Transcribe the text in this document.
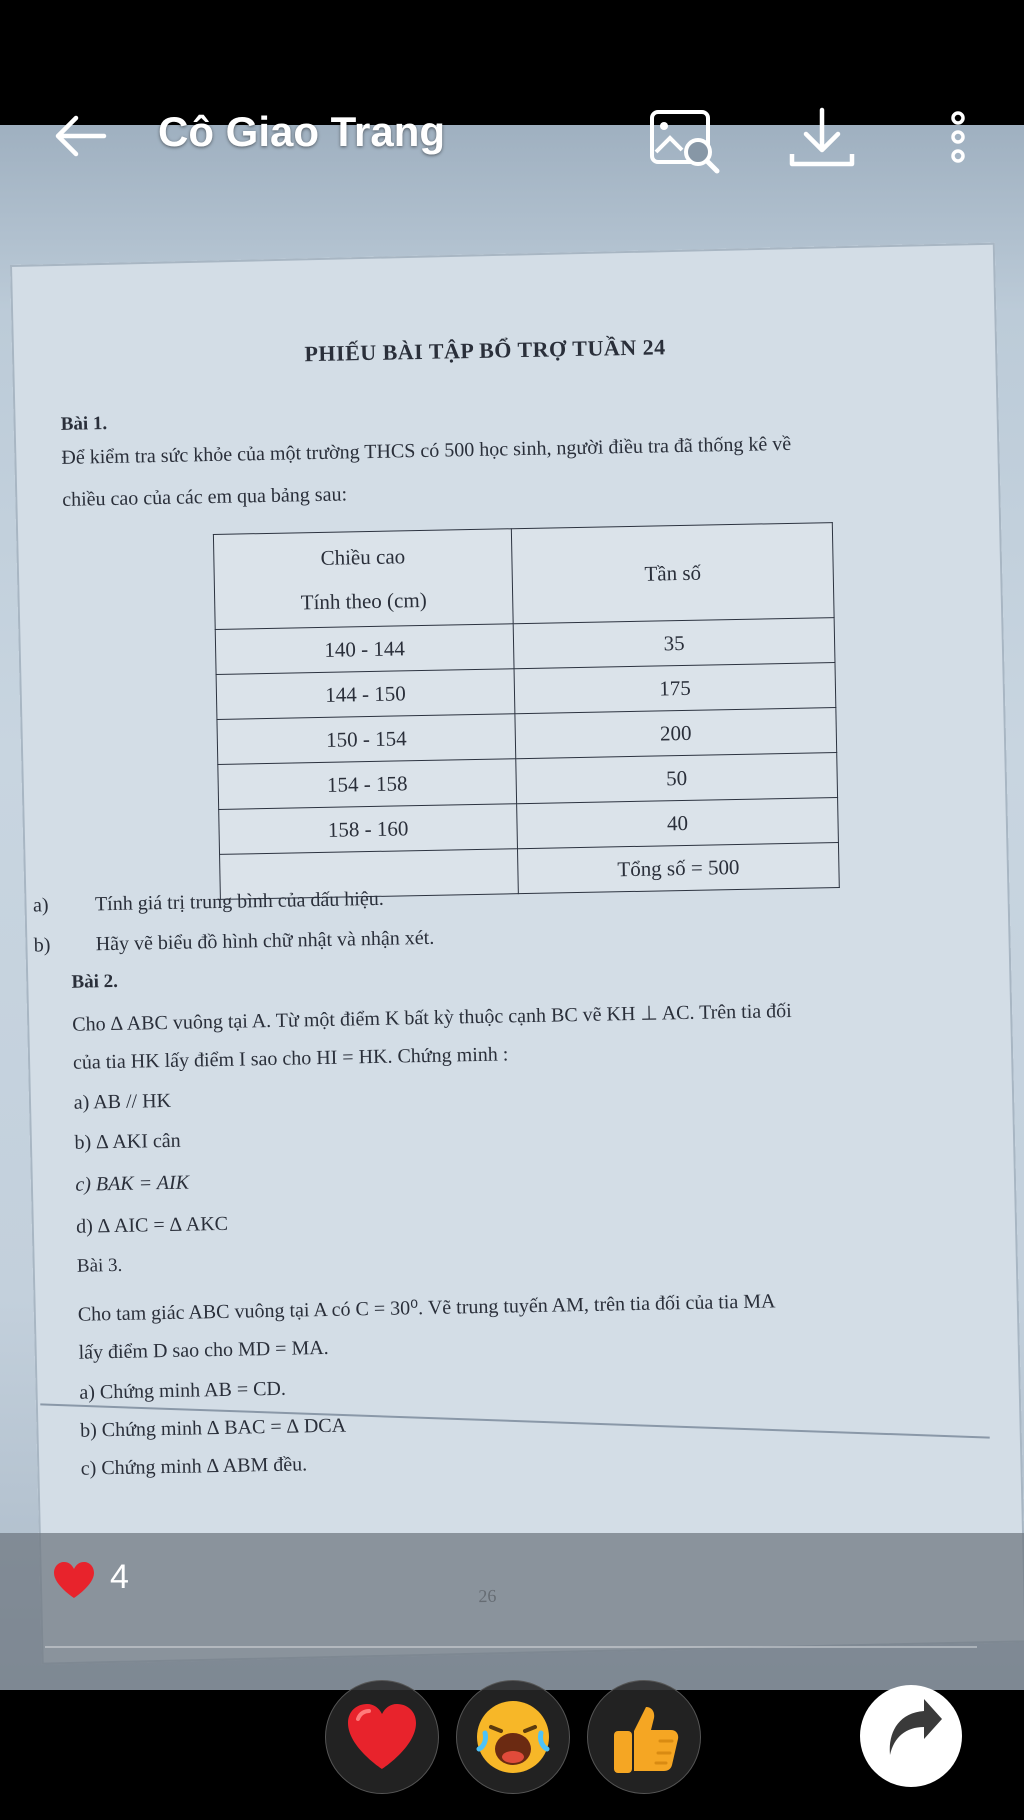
PHIẾU BÀI TẬP BỔ TRỢ TUẦN 24
Bài 1.
Để kiểm tra sức khỏe của một trường THCS có 500 học sinh, người điều tra đã thống kê về
chiều cao của các em qua bảng sau:
Chiều cao
Tính theo (cm)	Tần số
140 - 144	35
144 - 150	175
150 - 154	200
154 - 158	50
158 - 160	40
	Tổng số = 500
a) Tính giá trị trung bình của dấu hiệu.
b) Hãy vẽ biểu đồ hình chữ nhật và nhận xét.
Bài 2.
Cho ∆ ABC vuông tại A. Từ một điểm K bất kỳ thuộc cạnh BC vẽ KH ⊥ AC. Trên tia đối
của tia HK lấy điểm I sao cho HI = HK. Chứng minh :
a) AB // HK
b) ∆ AKI cân
c) BAK = AIK
d) ∆ AIC = ∆ AKC
Bài 3.
Cho tam giác ABC vuông tại A có C = 30⁰. Vẽ trung tuyến AM, trên tia đối của tia MA
lấy điểm D sao cho MD = MA.
a) Chứng minh AB = CD.
b) Chứng minh ∆ BAC = ∆ DCA
c) Chứng minh ∆ ABM đều.
Cô Giao Trang
4
